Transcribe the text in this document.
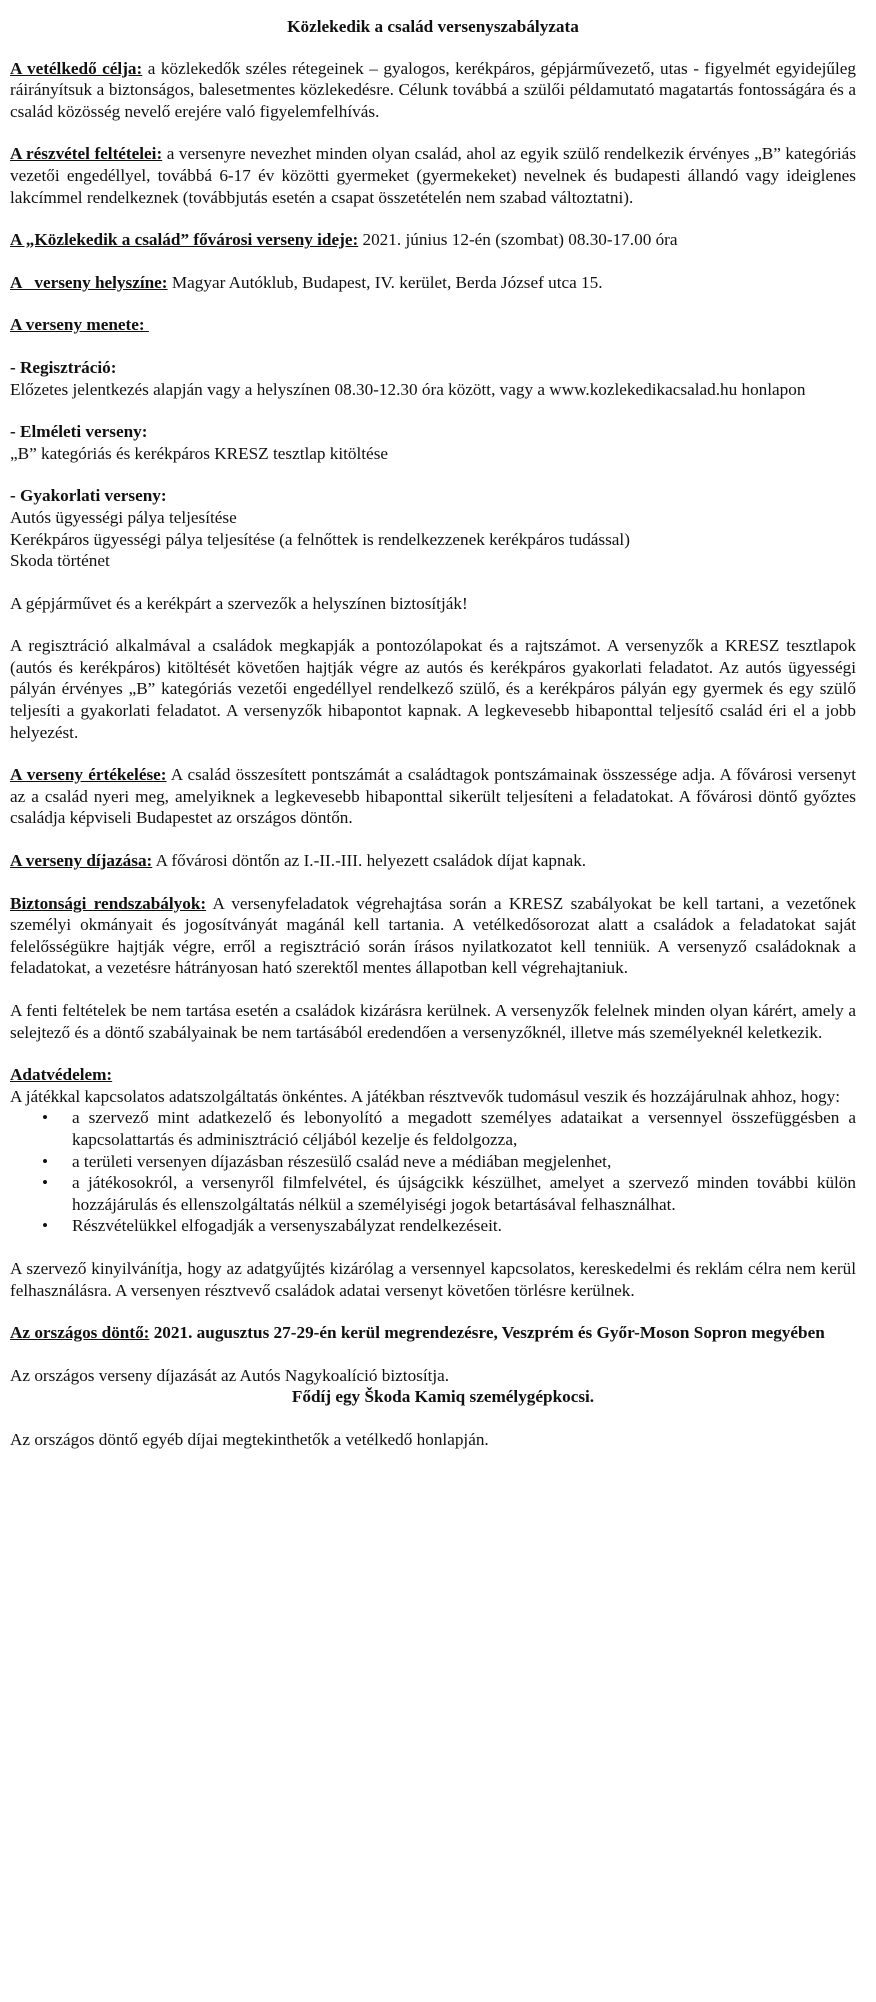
Közlekedik a család versenyszabályzata

A vetélkedő célja: a közlekedők széles rétegeinek – gyalogos, kerékpáros, gépjárművezető, utas - figyelmét egyidejűleg ráirányítsuk a biztonságos, balesetmentes közlekedésre. Célunk továbbá a szülői példamutató magatartás fontosságára és a család közösség nevelő erejére való figyelemfelhívás.

A részvétel feltételei: a versenyre nevezhet minden olyan család, ahol az egyik szülő rendelkezik érvényes „B” kategóriás vezetői engedéllyel, továbbá 6-17 év közötti gyermeket (gyermekeket) nevelnek és budapesti állandó vagy ideiglenes lakcímmel rendelkeznek (továbbjutás esetén a csapat összetételén nem szabad változtatni).

A „Közlekedik a család” fővárosi verseny ideje: 2021. június 12-én (szombat) 08.30-17.00 óra

A   verseny helyszíne: Magyar Autóklub, Budapest, IV. kerület, Berda József utca 15.

A verseny menete:

- Regisztráció:
Előzetes jelentkezés alapján vagy a helyszínen 08.30-12.30 óra között, vagy a www.kozlekedikacsalad.hu honlapon

- Elméleti verseny:
„B” kategóriás és kerékpáros KRESZ tesztlap kitöltése

- Gyakorlati verseny:
Autós ügyességi pálya teljesítése
Kerékpáros ügyességi pálya teljesítése (a felnőttek is rendelkezzenek kerékpáros tudással)
Skoda történet

A gépjárművet és a kerékpárt a szervezők a helyszínen biztosítják!

A regisztráció alkalmával a családok megkapják a pontozólapokat és a rajtszámot. A versenyzők a KRESZ tesztlapok (autós és kerékpáros) kitöltését követően hajtják végre az autós és kerékpáros gyakorlati feladatot. Az autós ügyességi pályán érvényes „B” kategóriás vezetői engedéllyel rendelkező szülő, és a kerékpáros pályán egy gyermek és egy szülő teljesíti a gyakorlati feladatot. A versenyzők hibapontot kapnak. A legkevesebb hibaponttal teljesítő család éri el a jobb helyezést.

A verseny értékelése: A család összesített pontszámát a családtagok pontszámainak összessége adja. A fővárosi versenyt az a család nyeri meg, amelyiknek a legkevesebb hibaponttal sikerült teljesíteni a feladatokat. A fővárosi döntő győztes családja képviseli Budapestet az országos döntőn.

A verseny díjazása: A fővárosi döntőn az I.-II.-III. helyezett családok díjat kapnak.

Biztonsági rendszabályok: A versenyfeladatok végrehajtása során a KRESZ szabályokat be kell tartani, a vezetőnek személyi okmányait és jogosítványát magánál kell tartania. A vetélkedősorozat alatt a családok a feladatokat saját felelősségükre hajtják végre, erről a regisztráció során írásos nyilatkozatot kell tenniük. A versenyző családoknak a feladatokat, a vezetésre hátrányosan ható szerektől mentes állapotban kell végrehajtaniuk.

A fenti feltételek be nem tartása esetén a családok kizárásra kerülnek. A versenyzők felelnek minden olyan kárért, amely a selejtező és a döntő szabályainak be nem tartásából eredendően a versenyzőknél, illetve más személyeknél keletkezik.

Adatvédelem:
A játékkal kapcsolatos adatszolgáltatás önkéntes. A játékban résztvevők tudomásul veszik és hozzájárulnak ahhoz, hogy:

• a szervező mint adatkezelő és lebonyolító a megadott személyes adataikat a versennyel összefüggésben a kapcsolattartás és adminisztráció céljából kezelje és feldolgozza,
• a területi versenyen díjazásban részesülő család neve a médiában megjelenhet,
• a játékosokról, a versenyről filmfelvétel, és újságcikk készülhet, amelyet a szervező minden további külön hozzájárulás és ellenszolgáltatás nélkül a személyiségi jogok betartásával felhasználhat.
• Részvételükkel elfogadják a versenyszabályzat rendelkezéseit.

A szervező kinyilvánítja, hogy az adatgyűjtés kizárólag a versennyel kapcsolatos, kereskedelmi és reklám célra nem kerül felhasználásra. A versenyen résztvevő családok adatai versenyt követően törlésre kerülnek.

Az országos döntő: 2021. augusztus 27-29-én kerül megrendezésre, Veszprém és Győr-Moson Sopron megyében

Az országos verseny díjazását az Autós Nagykoalíció biztosítja.
Fődíj egy Škoda Kamiq személygépkocsi.

Az országos döntő egyéb díjai megtekinthetők a vetélkedő honlapján.
